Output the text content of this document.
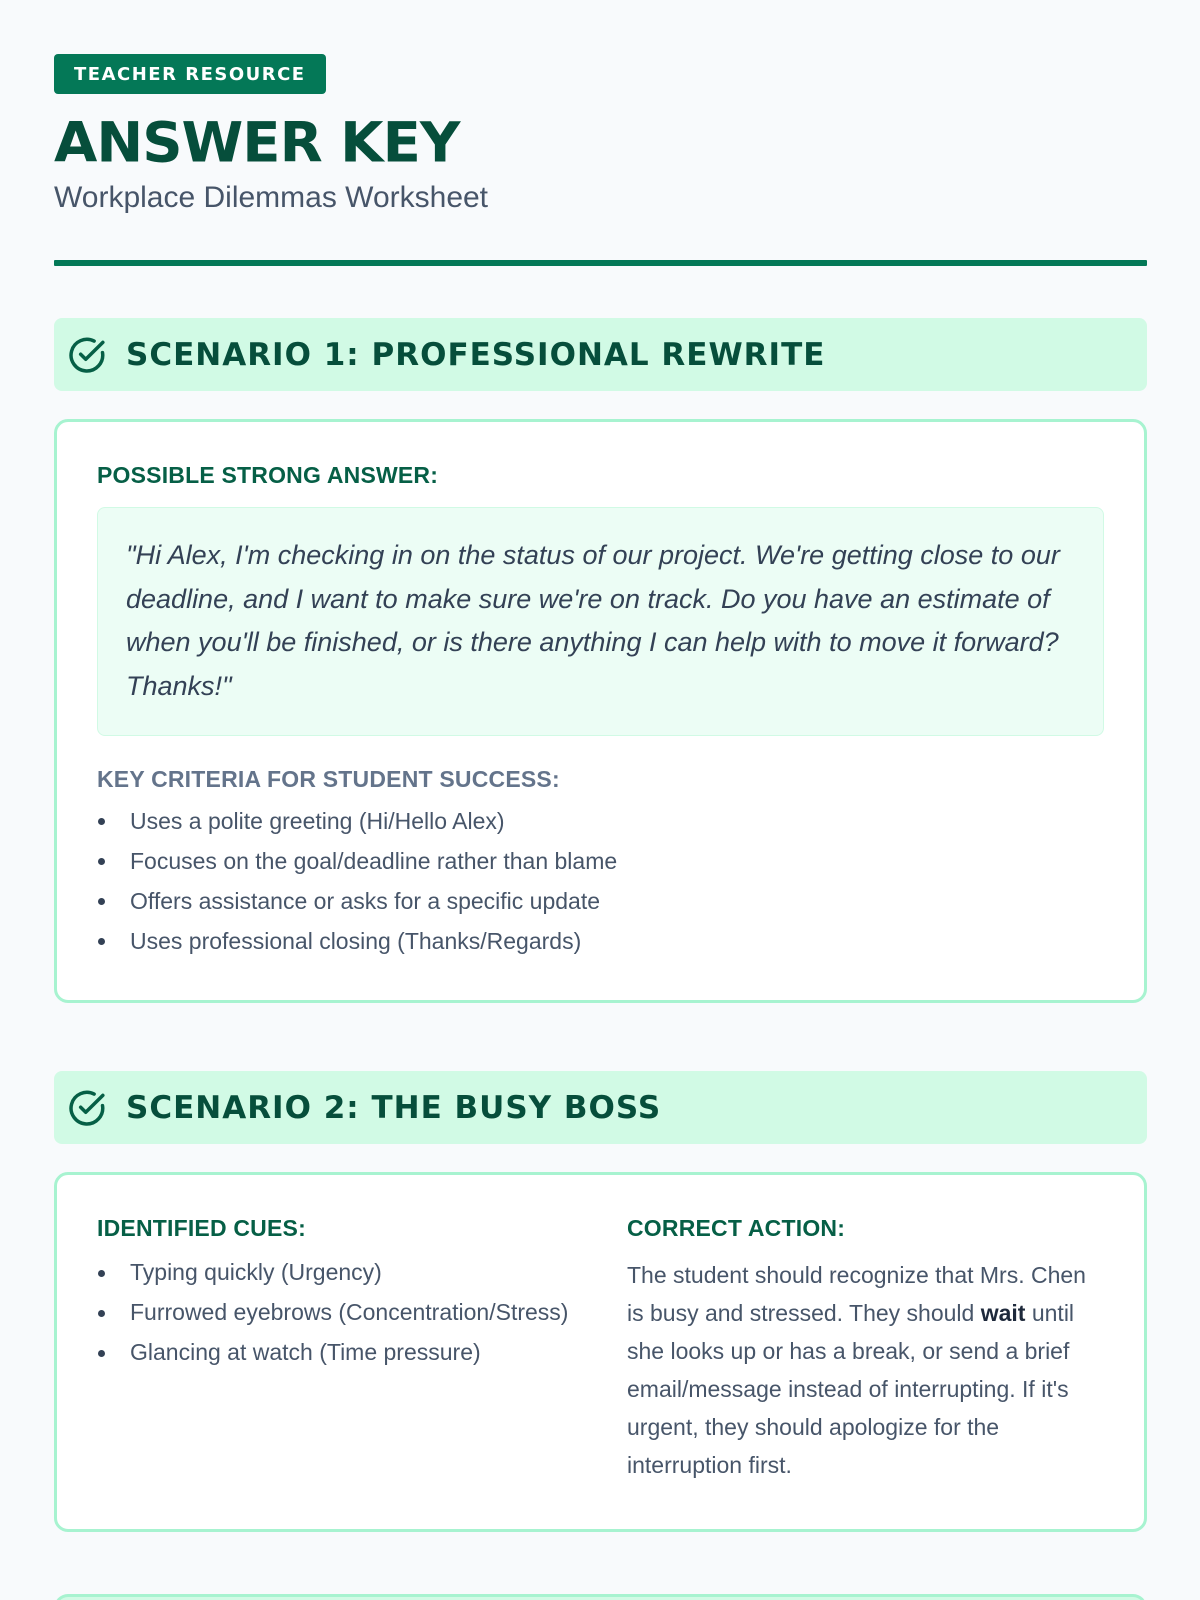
TEACHER RESOURCE
ANSWER KEY
Workplace Dilemmas Worksheet
SCENARIO 1: PROFESSIONAL REWRITE
POSSIBLE STRONG ANSWER:
"Hi Alex, I'm checking in on the status of our project. We're getting close to our deadline, and I want to make sure we're on track. Do you have an estimate of when you'll be finished, or is there anything I can help with to move it forward? Thanks!"
KEY CRITERIA FOR STUDENT SUCCESS:
Uses a polite greeting (Hi/Hello Alex)
Focuses on the goal/deadline rather than blame
Offers assistance or asks for a specific update
Uses professional closing (Thanks/Regards)
SCENARIO 2: THE BUSY BOSS
IDENTIFIED CUES:
Typing quickly (Urgency)
Furrowed eyebrows (Concentration/Stress)
Glancing at watch (Time pressure)
CORRECT ACTION:

The student should recognize that Mrs. Chen is busy and stressed. They should wait until she looks up or has a break, or send a brief email/message instead of interrupting. If it's urgent, they should apologize for the interruption first.
